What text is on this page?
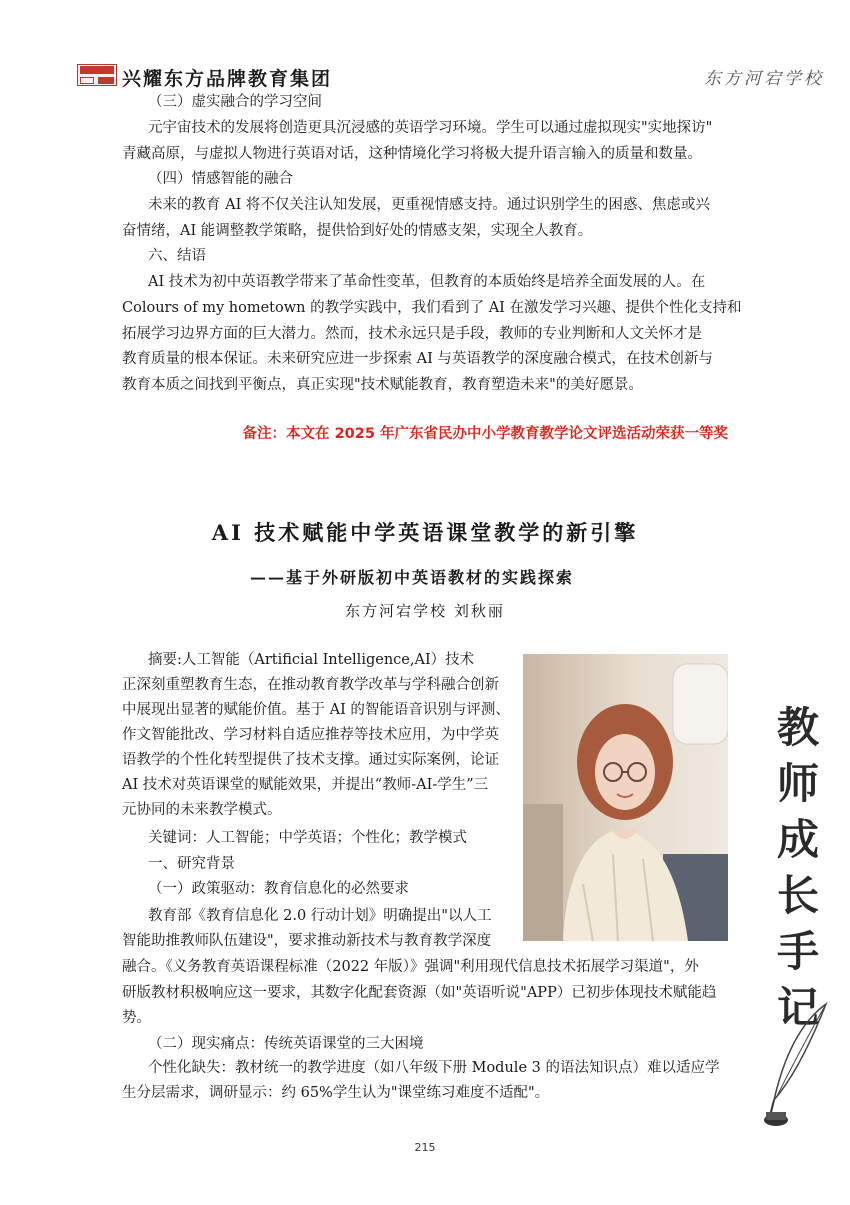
兴耀东方品牌教育集团	东方河宕学校
（三）虚实融合的学习空间
元宇宙技术的发展将创造更具沉浸感的英语学习环境。学生可以通过虚拟现实"实地探访"
青藏高原，与虚拟人物进行英语对话，这种情境化学习将极大提升语言输入的质量和数量。
（四）情感智能的融合
未来的教育 AI 将不仅关注认知发展，更重视情感支持。通过识别学生的困惑、焦虑或兴
奋情绪，AI 能调整教学策略，提供恰到好处的情感支架，实现全人教育。
六、结语
AI 技术为初中英语教学带来了革命性变革，但教育的本质始终是培养全面发展的人。在
Colours of my hometown 的教学实践中，我们看到了 AI 在激发学习兴趣、提供个性化支持和
拓展学习边界方面的巨大潜力。然而，技术永远只是手段，教师的专业判断和人文关怀才是
教育质量的根本保证。未来研究应进一步探索 AI 与英语教学的深度融合模式，在技术创新与
教育本质之间找到平衡点，真正实现"技术赋能教育，教育塑造未来"的美好愿景。
备注：本文在 2025 年广东省民办中小学教育教学论文评选活动荣获一等奖
AI 技术赋能中学英语课堂教学的新引擎
——基于外研版初中英语教材的实践探索
东方河宕学校 刘秋丽
摘要:人工智能（Artificial Intelligence,AI）技术
正深刻重塑教育生态，在推动教育教学改革与学科融合创新
中展现出显著的赋能价值。基于 AI 的智能语音识别与评测、
作文智能批改、学习材料自适应推荐等技术应用，为中学英
语教学的个性化转型提供了技术支撑。通过实际案例，论证
AI 技术对英语课堂的赋能效果，并提出“教师-AI-学生”三
元协同的未来教学模式。
关键词：人工智能；中学英语；个性化；教学模式
一、研究背景
（一）政策驱动：教育信息化的必然要求
教育部《教育信息化 2.0 行动计划》明确提出"以人工
智能助推教师队伍建设"，要求推动新技术与教育教学深度
融合。《义务教育英语课程标准（2022 年版）》强调"利用现代信息技术拓展学习渠道"，外
研版教材积极响应这一要求，其数字化配套资源（如"英语听说"APP）已初步体现技术赋能趋
势。
（二）现实痛点：传统英语课堂的三大困境
个性化缺失：教材统一的教学进度（如八年级下册 Module 3 的语法知识点）难以适应学
生分层需求，调研显示：约 65%学生认为"课堂练习难度不适配"。
教
师
成
长
手
记
215
